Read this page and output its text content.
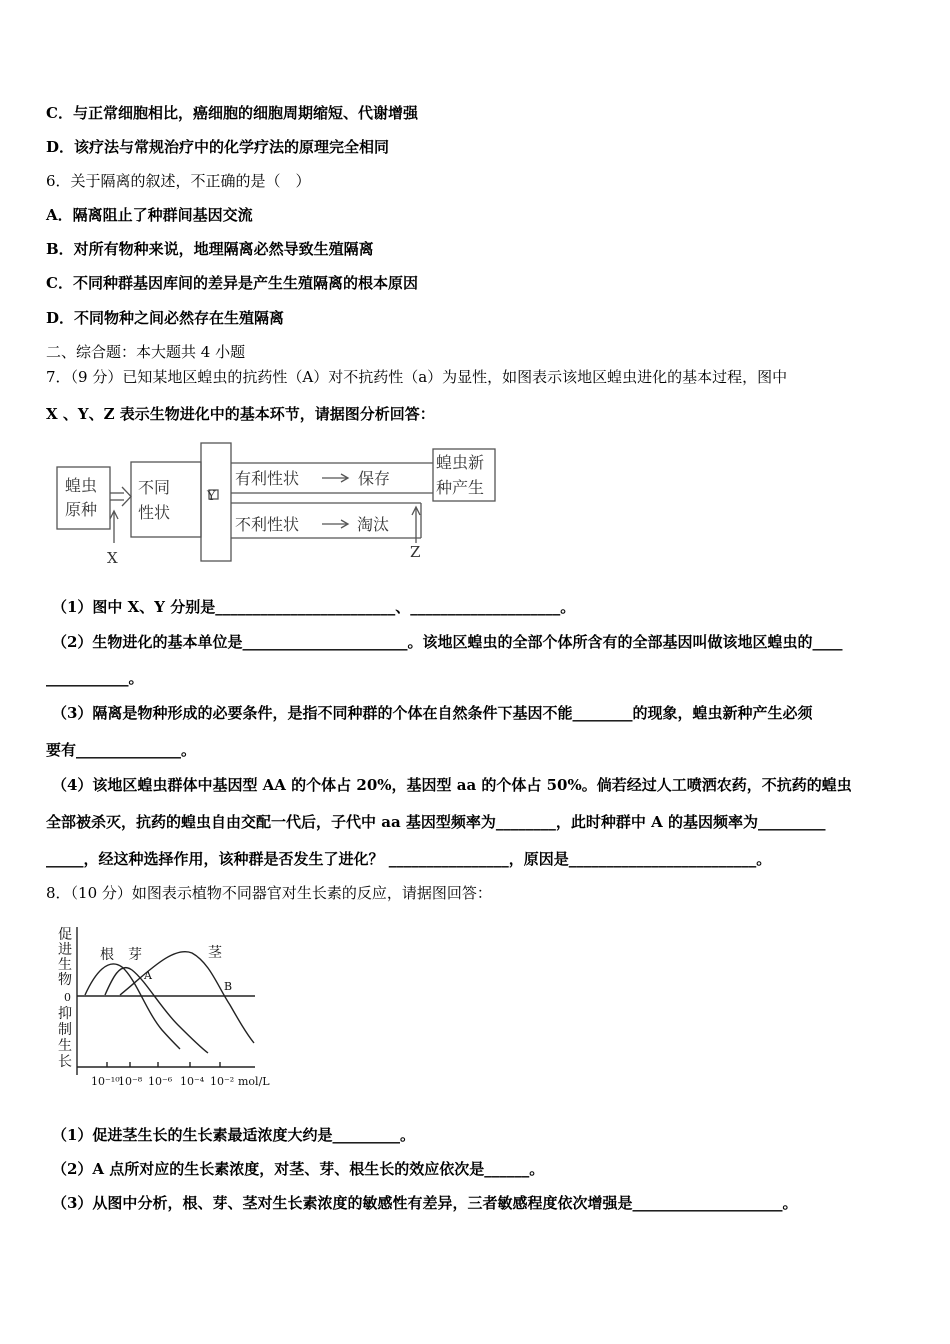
C．与正常细胞相比，癌细胞的细胞周期缩短、代谢增强
D．该疗法与常规治疗中的化学疗法的原理完全相同
6．关于隔离的叙述，不正确的是（　）
A．隔离阻止了种群间基因交流
B．对所有物种来说，地理隔离必然导致生殖隔离
C．不同种群基因库间的差异是产生生殖隔离的根本原因
D．不同物种之间必然存在生殖隔离
二、综合题：本大题共 4 小题
7．（9 分）已知某地区蝗虫的抗药性（A）对不抗药性（a）为显性，如图表示该地区蝗虫进化的基本过程，图中
X 、Y、Z 表示生物进化中的基本环节，请据图分析回答：
蝗虫
原种
不同
性状
Y
有利性状	保存
不利性状	淘汰
蝗虫新
种产生
X	Z
（1）图中 X、Y 分别是________________________、____________________。
（2）生物进化的基本单位是______________________。该地区蝗虫的全部个体所含有的全部基因叫做该地区蝗虫的____
___________。
（3）隔离是物种形成的必要条件，是指不同种群的个体在自然条件下基因不能________的现象，蝗虫新种产生必须
要有______________。
（4）该地区蝗虫群体中基因型 AA 的个体占 20%，基因型 aa 的个体占 50%。倘若经过人工喷洒农药，不抗药的蝗虫
全部被杀灭，抗药的蝗虫自由交配一代后，子代中 aa 基因型频率为________，此时种群中 A 的基因频率为_________
_____，经这种选择作用，该种群是否发生了进化？ ________________，原因是_________________________。
8．（10 分）如图表示植物不同器官对生长素的反应，请据图回答：
促
进
生
物
0
抑
制
生
长
根 芽	茎
A
B
10⁻¹⁰
10⁻⁸ 10⁻⁶ 10⁻⁴ 10⁻² mol/L
（1）促进茎生长的生长素最适浓度大约是_________。
（2）A 点所对应的生长素浓度，对茎、芽、根生长的效应依次是______。
（3）从图中分析，根、芽、茎对生长素浓度的敏感性有差异，三者敏感程度依次增强是____________________。
